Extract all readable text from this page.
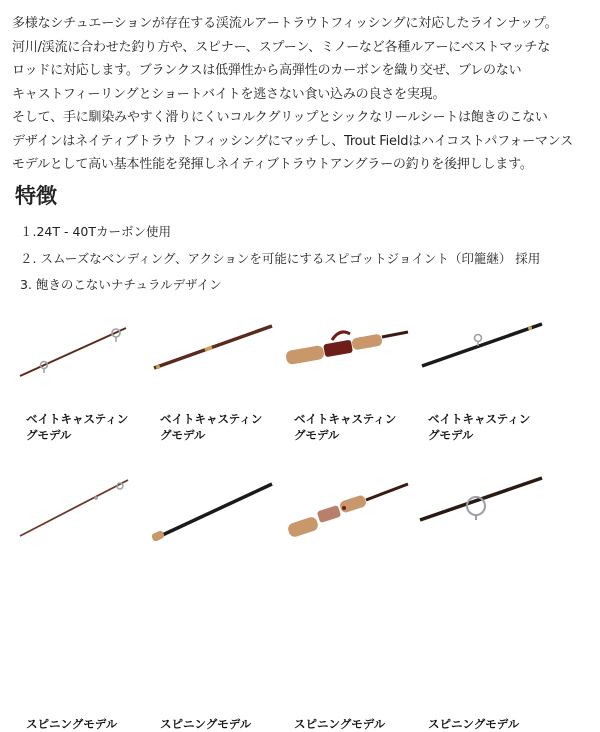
多様なシチュエーションが存在する渓流ルアートラウトフィッシングに対応したラインナップ。

河川/渓流に合わせた釣り方や、スピナー、スプーン、ミノーなど各種ルアーにベストマッチな

ロッドに対応します。ブランクスは低弾性から高弾性のカーボンを織り交ぜ、ブレのない

キャストフィーリングとショートバイトを逃さない食い込みの良さを実現。

そして、手に馴染みやすく滑りにくいコルクグリップとシックなリールシートは飽きのこない

デザインはネイティブトラウ トフィッシングにマッチし、Trout Fieldはハイコストパフォーマンス

モデルとして高い基本性能を発揮しネイティブトラウトアングラーの釣りを後押しします。

特徴
１.24T - 40Tカーボン使用
２. スムーズなベンディング、アクションを可能にするスピゴットジョイント（印籠継） 採用
3. 飽きのこないナチュラルデザイン
ベイトキャスティン
グモデル
ベイトキャスティン
グモデル
ベイトキャスティン
グモデル
ベイトキャスティン
グモデル
スピニングモデル	スピニングモデル	スピニングモデル	スピニングモデル
